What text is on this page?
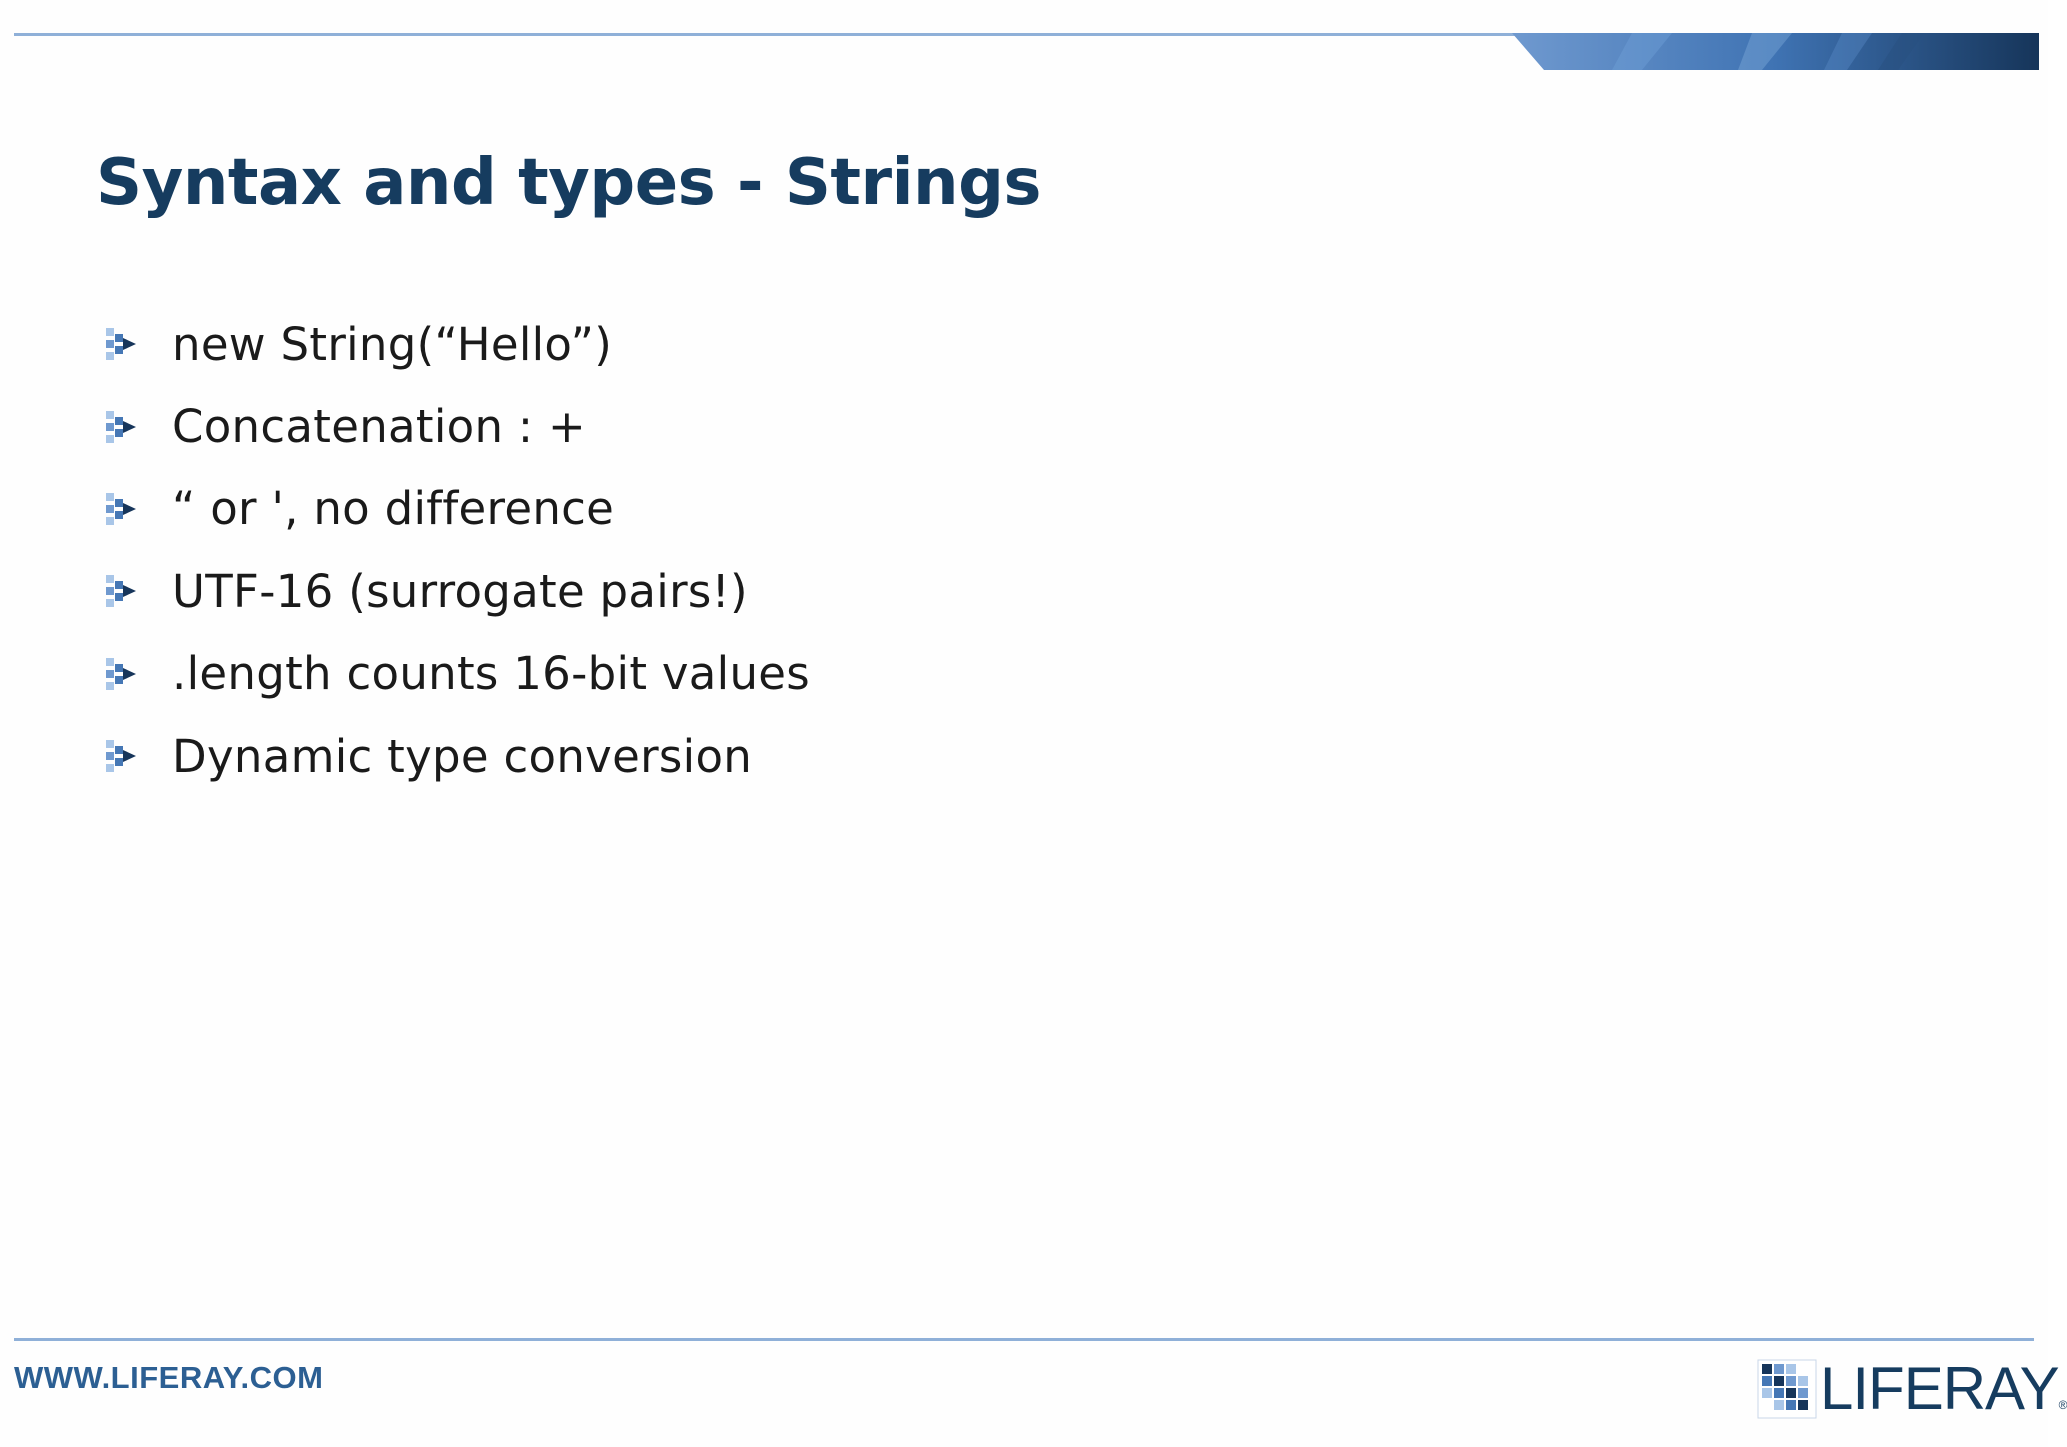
Syntax and types - Strings
new String(“Hello”)
Concatenation : +
“ or ', no difference
UTF-16 (surrogate pairs!)
.length counts 16-bit values
Dynamic type conversion
WWW.LIFERAY.COM	LIFERAY ®
